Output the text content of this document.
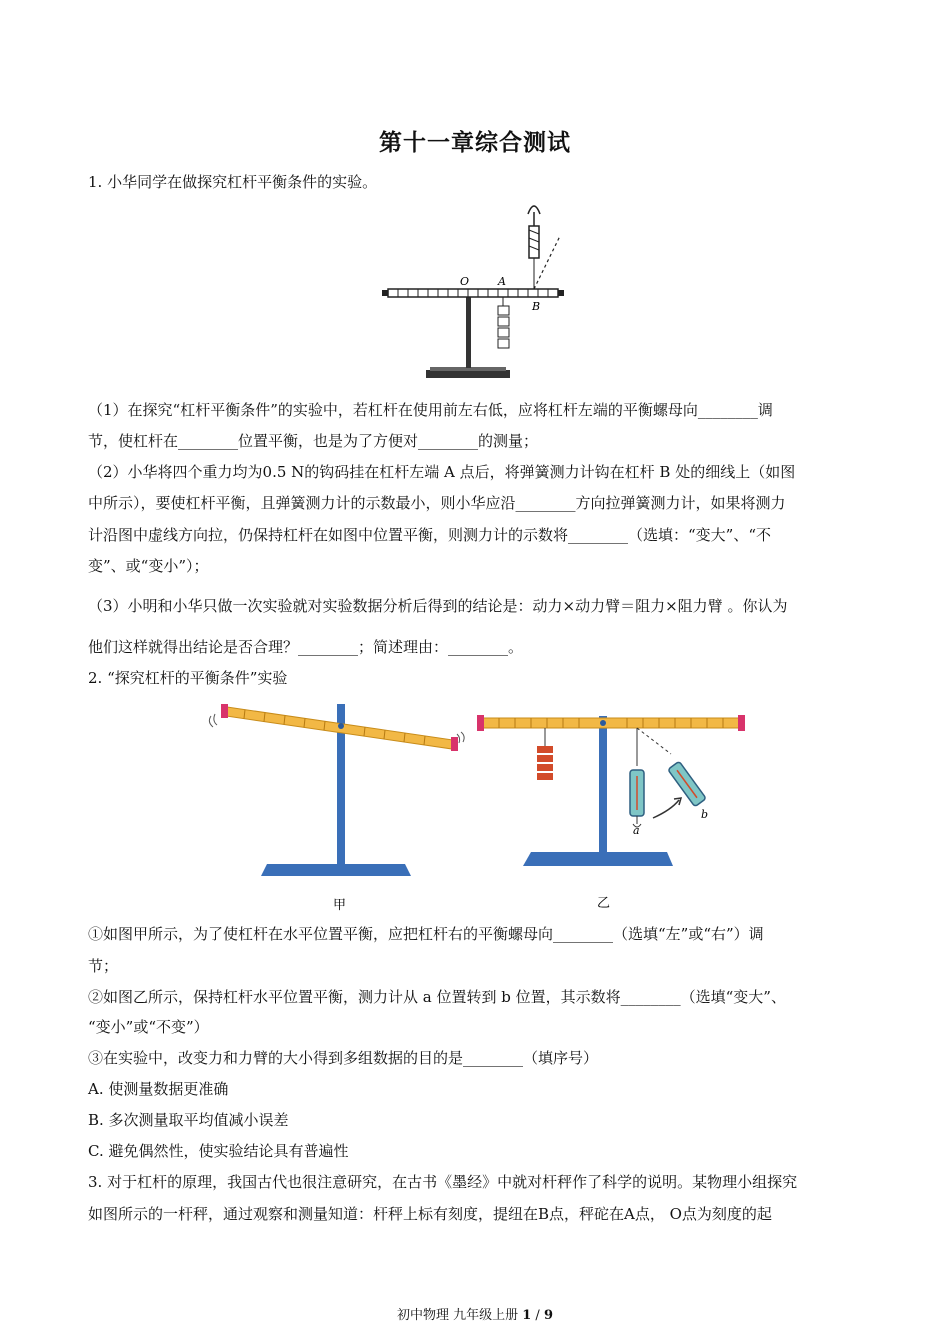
第十一章综合测试
1. 小华同学在做探究杠杆平衡条件的实验。
O	A
B
（1）在探究“杠杆平衡条件”的实验中，若杠杆在使用前左右低，应将杠杆左端的平衡螺母向________调
节，使杠杆在________位置平衡，也是为了方便对________的测量；
（2）小华将四个重力均为0.5 N的钩码挂在杠杆左端 A 点后，将弹簧测力计钩在杠杆 B 处的细线上（如图
中所示），要使杠杆平衡，且弹簧测力计的示数最小，则小华应沿________方向拉弹簧测力计，如果将测力
计沿图中虚线方向拉，仍保持杠杆在如图中位置平衡，则测力计的示数将________（选填：“变大”、“不
变”、或“变小”）；
（3）小明和小华只做一次实验就对实验数据分析后得到的结论是：动力×动力臂＝阻力×阻力臂 。你认为
他们这样就得出结论是否合理？________；简述理由：________。
2. “探究杠杆的平衡条件”实验
甲
a
b
乙
①如图甲所示，为了使杠杆在水平位置平衡，应把杠杆右的平衡螺母向________（选填“左”或“右”）调
节；
②如图乙所示，保持杠杆水平位置平衡，测力计从 a 位置转到 b 位置，其示数将________（选填“变大”、
“变小”或“不变”）
③在实验中，改变力和力臂的大小得到多组数据的目的是________（填序号）
A. 使测量数据更准确
B. 多次测量取平均值减小误差
C. 避免偶然性，使实验结论具有普遍性
3. 对于杠杆的原理，我国古代也很注意研究，在古书《墨经》中就对杆秤作了科学的说明。某物理小组探究
如图所示的一杆秤，通过观察和测量知道：杆秤上标有刻度，提纽在B点，秤砣在A点， O点为刻度的起
初中物理 九年级上册 1 / 9
